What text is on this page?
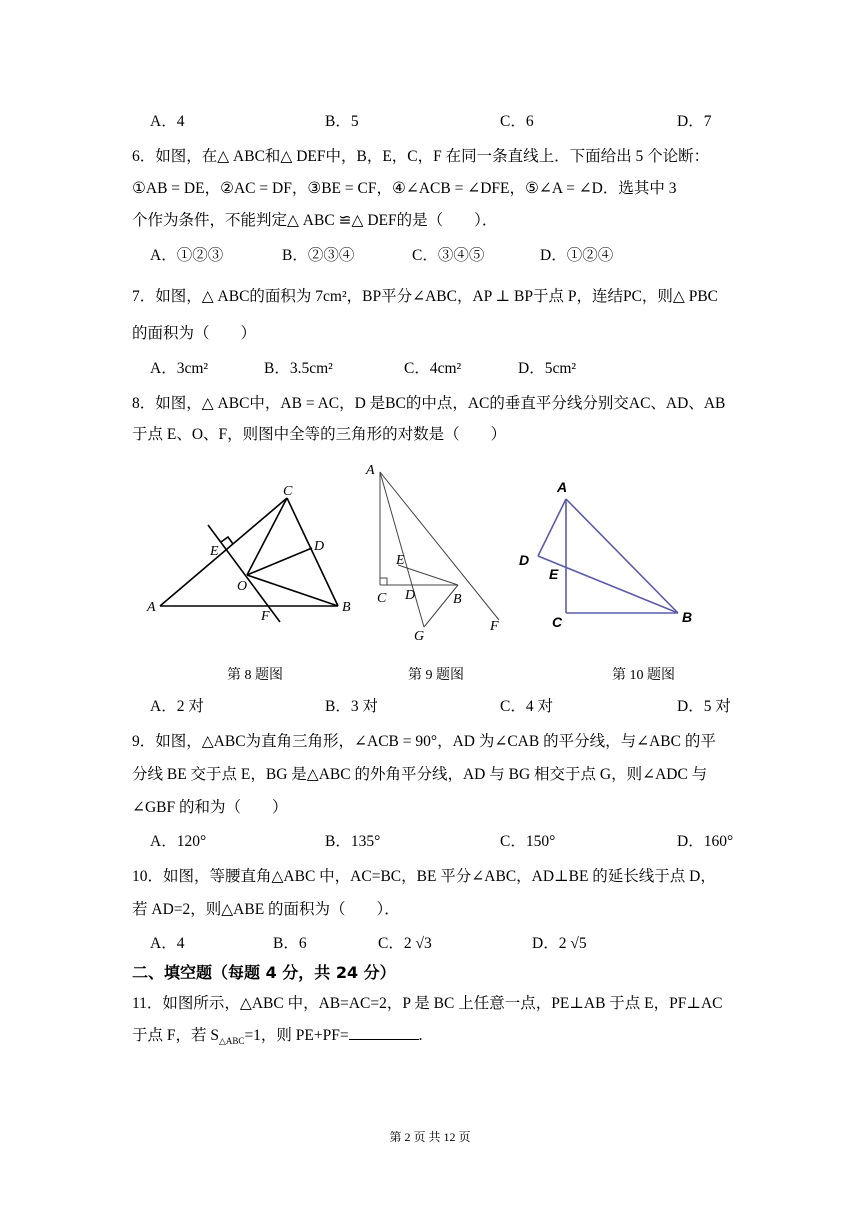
A．4	B．5	C．6	D．7
6．如图，在△ ABC和△ DEF中，B，E，C，F 在同一条直线上．下面给出 5 个论断：
①AB = DE，②AC = DF，③BE = CF，④∠ACB = ∠DFE，⑤∠A = ∠D．选其中 3
个作为条件，不能判定△ ABC ≌△ DEF的是（　　）．
A．①②③	B．②③④	C．③④⑤	D．①②④
7．如图，△ ABC的面积为 7cm²，BP平分∠ABC，AP ⊥ BP于点 P，连结PC，则△ PBC
的面积为（　　）
A．3cm²	B．3.5cm²	C．4cm²	D．5cm²
8．如图，△ ABC中，AB = AC，D 是BC的中点，AC的垂直平分线分别交AC、AD、AB
于点 E、O、F，则图中全等的三角形的对数是（　　）
A	B
C
D
E
O
F
A
C D
E
B
G
F
A
D
E
C	B
第 8 题图	第 9 题图	第 10 题图
A．2 对	B．3 对	C．4 对	D．5 对
9．如图，△ABC为直角三角形，∠ACB = 90°，AD 为∠CAB 的平分线，与∠ABC 的平
分线 BE 交于点 E，BG 是△ABC 的外角平分线，AD 与 BG 相交于点 G，则∠ADC 与
∠GBF 的和为（　　）
A．120°	B．135°	C．150°	D．160°
10．如图，等腰直角△ABC 中，AC=BC，BE 平分∠ABC，AD⊥BE 的延长线于点 D，
若 AD=2，则△ABE 的面积为（　　）．
A．4	B．6	C．2 √3	D．2 √5
二、填空题（每题 4 分，共 24 分）
11．如图所示，△ABC 中，AB=AC=2，P 是 BC 上任意一点，PE⊥AB 于点 E，PF⊥AC
于点 F，若 $S_{\triangle ABC}=1$，则 PE+PF=	.
第 2 页 共 12 页
